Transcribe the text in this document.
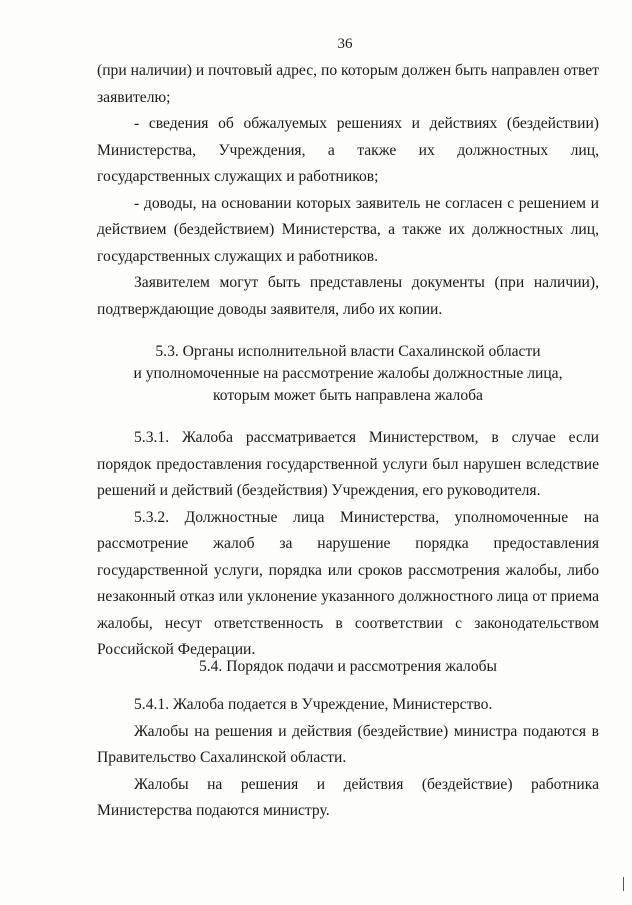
36

(при наличии) и почтовый адрес, по которым должен быть направлен ответ заявителю;

- сведения об обжалуемых решениях и действиях (бездействии) Министерства, Учреждения, а также их должностных лиц, государственных служащих и работников;

- доводы, на основании которых заявитель не согласен с решением и действием (бездействием) Министерства, а также их должностных лиц, государственных служащих и работников.

Заявителем могут быть представлены документы (при наличии), подтверждающие доводы заявителя, либо их копии.

5.3. Органы исполнительной власти Сахалинской области
и уполномоченные на рассмотрение жалобы должностные лица,
которым может быть направлена жалоба

5.3.1. Жалоба рассматривается Министерством, в случае если порядок предоставления государственной услуги был нарушен вследствие решений и действий (бездействия) Учреждения, его руководителя.

5.3.2. Должностные лица Министерства, уполномоченные на рассмотрение жалоб за нарушение порядка предоставления государственной услуги, порядка или сроков рассмотрения жалобы, либо незаконный отказ или уклонение указанного должностного лица от приема жалобы, несут ответственность в соответствии с законодательством Российской Федерации.

5.4. Порядок подачи и рассмотрения жалобы

5.4.1. Жалоба подается в Учреждение, Министерство.

Жалобы на решения и действия (бездействие) министра подаются в Правительство Сахалинской области.

Жалобы на решения и действия (бездействие) работника Министерства подаются министру.
